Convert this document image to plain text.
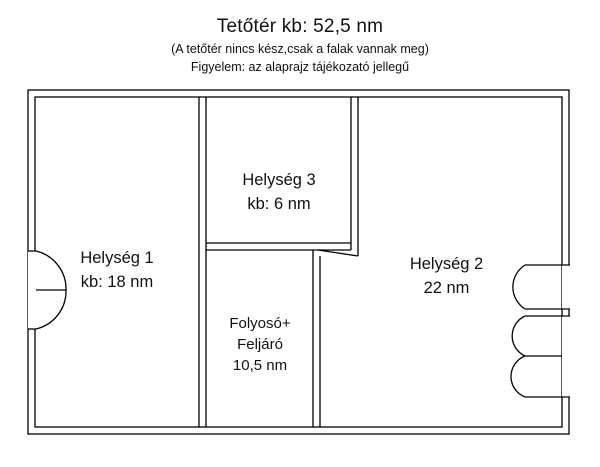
Tetőtér kb: 52,5 nm
(A tetőtér nincs kész,csak a falak vannak meg)
Figyelem: az alaprajz tájékozató jellegű
Helység 1
kb: 18 nm
Helység 3
kb: 6 nm
Helység 2
22 nm
Folyosó+
Feljáró
10,5 nm
